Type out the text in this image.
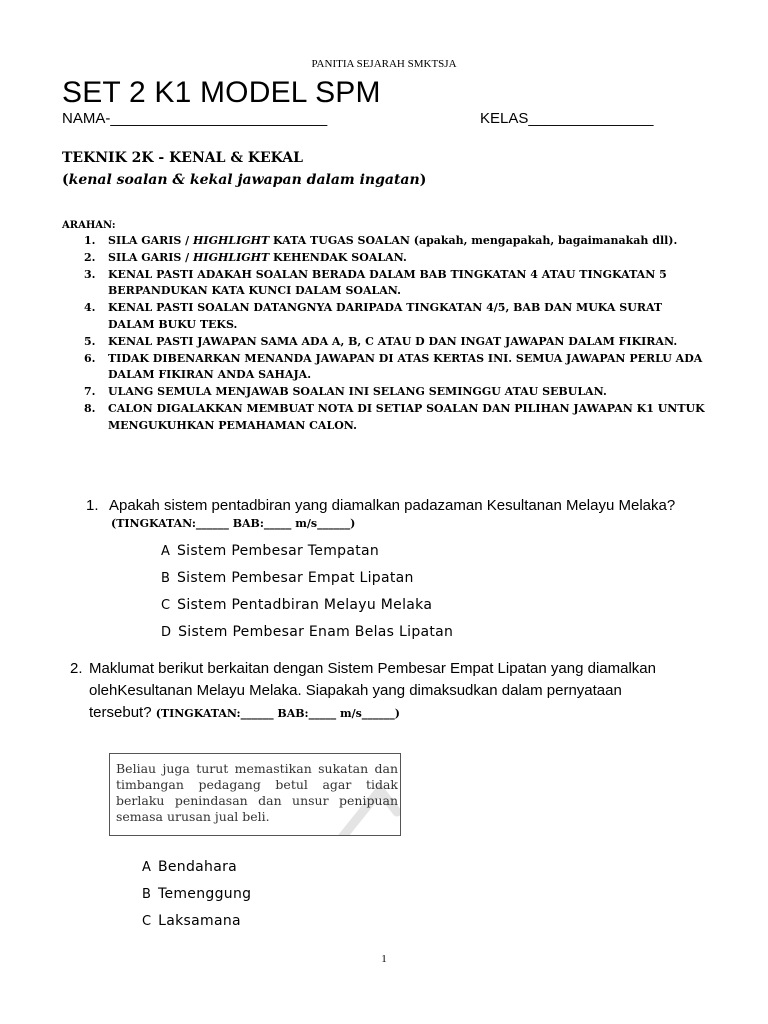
PANITIA SEJARAH SMKTSJA
SET 2 K1 MODEL SPM
NAMA-__________________________	KELAS_______________
TEKNIK 2K - KENAL & KEKAL
(kenal soalan & kekal jawapan dalam ingatan)
ARAHAN:
1. SILA GARIS / HIGHLIGHT KATA TUGAS SOALAN (apakah, mengapakah, bagaimanakah dll).
2. SILA GARIS / HIGHLIGHT KEHENDAK SOALAN.
3. KENAL PASTI ADAKAH SOALAN BERADA DALAM BAB TINGKATAN 4 ATAU TINGKATAN 5 BERPANDUKAN KATA KUNCI DALAM SOALAN.
4. KENAL PASTI SOALAN DATANGNYA DARIPADA TINGKATAN 4/5, BAB DAN MUKA SURAT DALAM BUKU TEKS.
5. KENAL PASTI JAWAPAN SAMA ADA A, B, C ATAU D DAN INGAT JAWAPAN DALAM FIKIRAN.
6. TIDAK DIBENARKAN MENANDA JAWAPAN DI ATAS KERTAS INI. SEMUA JAWAPAN PERLU ADA DALAM FIKIRAN ANDA SAHAJA.
7. ULANG SEMULA MENJAWAB SOALAN INI SELANG SEMINGGU ATAU SEBULAN.
8. CALON DIGALAKKAN MEMBUAT NOTA DI SETIAP SOALAN DAN PILIHAN JAWAPAN K1 UNTUK MENGUKUHKAN PEMAHAMAN CALON.
1. Apakah sistem pentadbiran yang diamalkan padazaman Kesultanan Melayu Melaka?
(TINGKATAN:______ BAB:_____ m/s______)
A Sistem Pembesar Tempatan
B Sistem Pembesar Empat Lipatan
C Sistem Pentadbiran Melayu Melaka
D Sistem Pembesar Enam Belas Lipatan
2. Maklumat berikut berkaitan dengan Sistem Pembesar Empat Lipatan yang diamalkan
olehKesultanan Melayu Melaka. Siapakah yang dimaksudkan dalam pernyataan
tersebut? (TINGKATAN:______ BAB:_____ m/s______)
Beliau juga turut memastikan sukatan dan timbangan pedagang betul agar tidak berlaku penindasan dan unsur penipuan semasa urusan jual beli.
A Bendahara
B Temenggung
C Laksamana
1
